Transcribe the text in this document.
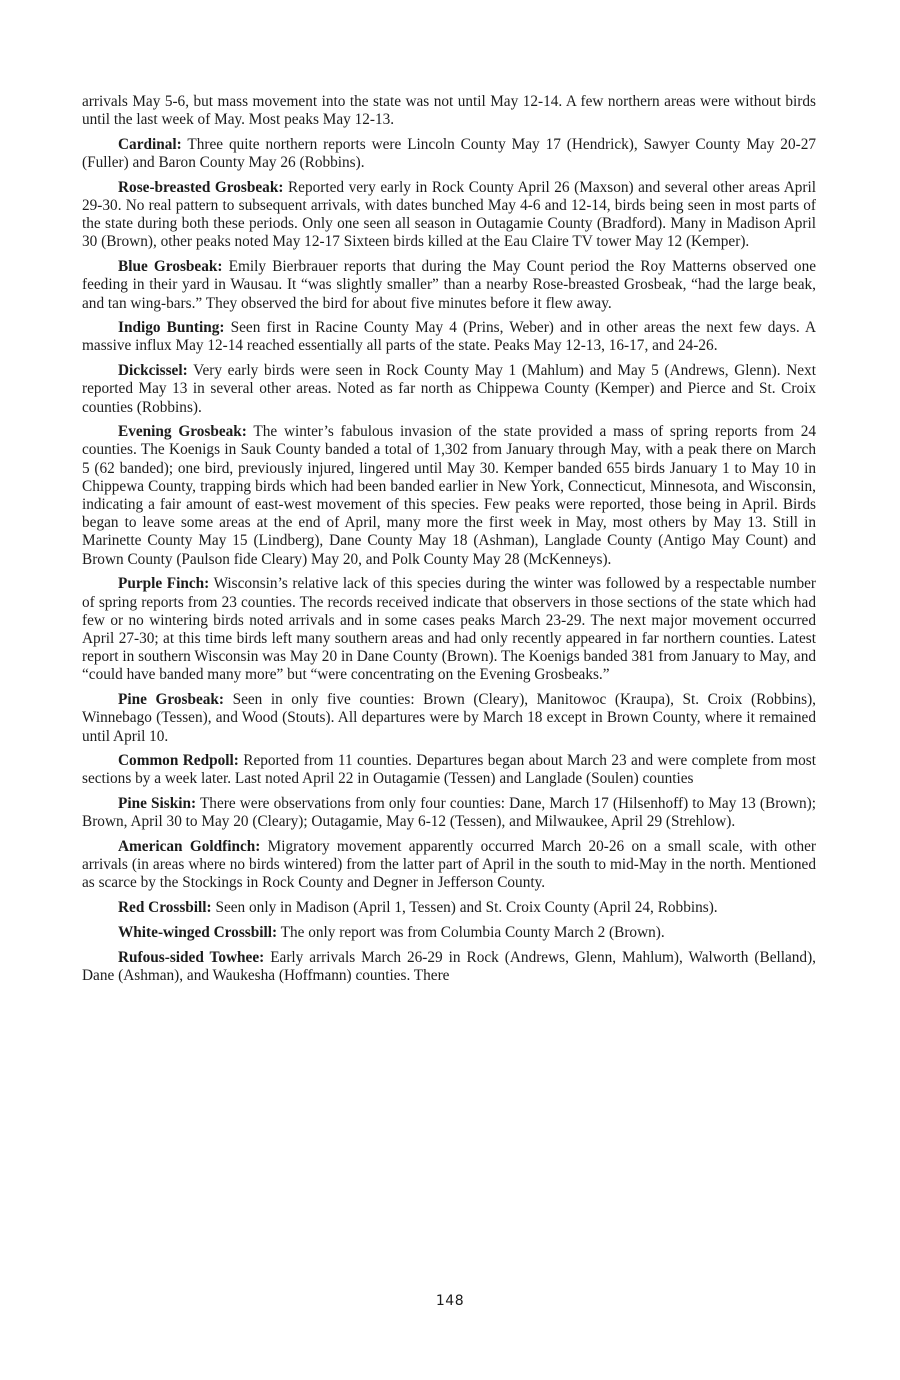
arrivals May 5-6, but mass movement into the state was not until May 12-14. A few northern areas were without birds until the last week of May. Most peaks May 12-13.

Cardinal: Three quite northern reports were Lincoln County May 17 (Hendrick), Sawyer County May 20-27 (Fuller) and Baron County May 26 (Robbins).

Rose-breasted Grosbeak: Reported very early in Rock County April 26 (Maxson) and several other areas April 29-30. No real pattern to subsequent arrivals, with dates bunched May 4-6 and 12-14, birds being seen in most parts of the state during both these periods. Only one seen all season in Outagamie County (Bradford). Many in Madison April 30 (Brown), other peaks noted May 12-17 Sixteen birds killed at the Eau Claire TV tower May 12 (Kemper).

Blue Grosbeak: Emily Bierbrauer reports that during the May Count period the Roy Matterns observed one feeding in their yard in Wausau. It “was slightly smaller” than a nearby Rose-breasted Grosbeak, “had the large beak, and tan wing-bars.” They observed the bird for about five minutes before it flew away.

Indigo Bunting: Seen first in Racine County May 4 (Prins, Weber) and in other areas the next few days. A massive influx May 12-14 reached essentially all parts of the state. Peaks May 12-13, 16-17, and 24-26.

Dickcissel: Very early birds were seen in Rock County May 1 (Mahlum) and May 5 (Andrews, Glenn). Next reported May 13 in several other areas. Noted as far north as Chippewa County (Kemper) and Pierce and St. Croix counties (Robbins).

Evening Grosbeak: The winter’s fabulous invasion of the state provided a mass of spring reports from 24 counties. The Koenigs in Sauk County banded a total of 1,302 from January through May, with a peak there on March 5 (62 banded); one bird, previously injured, lingered until May 30. Kemper banded 655 birds January 1 to May 10 in Chippewa County, trapping birds which had been banded earlier in New York, Connecticut, Minnesota, and Wisconsin, indicating a fair amount of east-west movement of this species. Few peaks were reported, those being in April. Birds began to leave some areas at the end of April, many more the first week in May, most others by May 13. Still in Marinette County May 15 (Lindberg), Dane County May 18 (Ashman), Langlade County (Antigo May Count) and Brown County (Paulson fide Cleary) May 20, and Polk County May 28 (McKenneys).

Purple Finch: Wisconsin’s relative lack of this species during the winter was followed by a respectable number of spring reports from 23 counties. The records received indicate that observers in those sections of the state which had few or no wintering birds noted arrivals and in some cases peaks March 23-29. The next major movement occurred April 27-30; at this time birds left many southern areas and had only recently appeared in far northern counties. Latest report in southern Wisconsin was May 20 in Dane County (Brown). The Koenigs banded 381 from January to May, and “could have banded many more” but “were concentrating on the Evening Grosbeaks.”

Pine Grosbeak: Seen in only five counties: Brown (Cleary), Manitowoc (Kraupa), St. Croix (Robbins), Winnebago (Tessen), and Wood (Stouts). All departures were by March 18 except in Brown County, where it remained until April 10.

Common Redpoll: Reported from 11 counties. Departures began about March 23 and were complete from most sections by a week later. Last noted April 22 in Outagamie (Tessen) and Langlade (Soulen) counties

Pine Siskin: There were observations from only four counties: Dane, March 17 (Hilsenhoff) to May 13 (Brown); Brown, April 30 to May 20 (Cleary); Outagamie, May 6-12 (Tessen), and Milwaukee, April 29 (Strehlow).

American Goldfinch: Migratory movement apparently occurred March 20-26 on a small scale, with other arrivals (in areas where no birds wintered) from the latter part of April in the south to mid-May in the north. Mentioned as scarce by the Stockings in Rock County and Degner in Jefferson County.

Red Crossbill: Seen only in Madison (April 1, Tessen) and St. Croix County (April 24, Robbins).

White-winged Crossbill: The only report was from Columbia County March 2 (Brown).

Rufous-sided Towhee: Early arrivals March 26-29 in Rock (Andrews, Glenn, Mahlum), Walworth (Belland), Dane (Ashman), and Waukesha (Hoffmann) counties. There

148
